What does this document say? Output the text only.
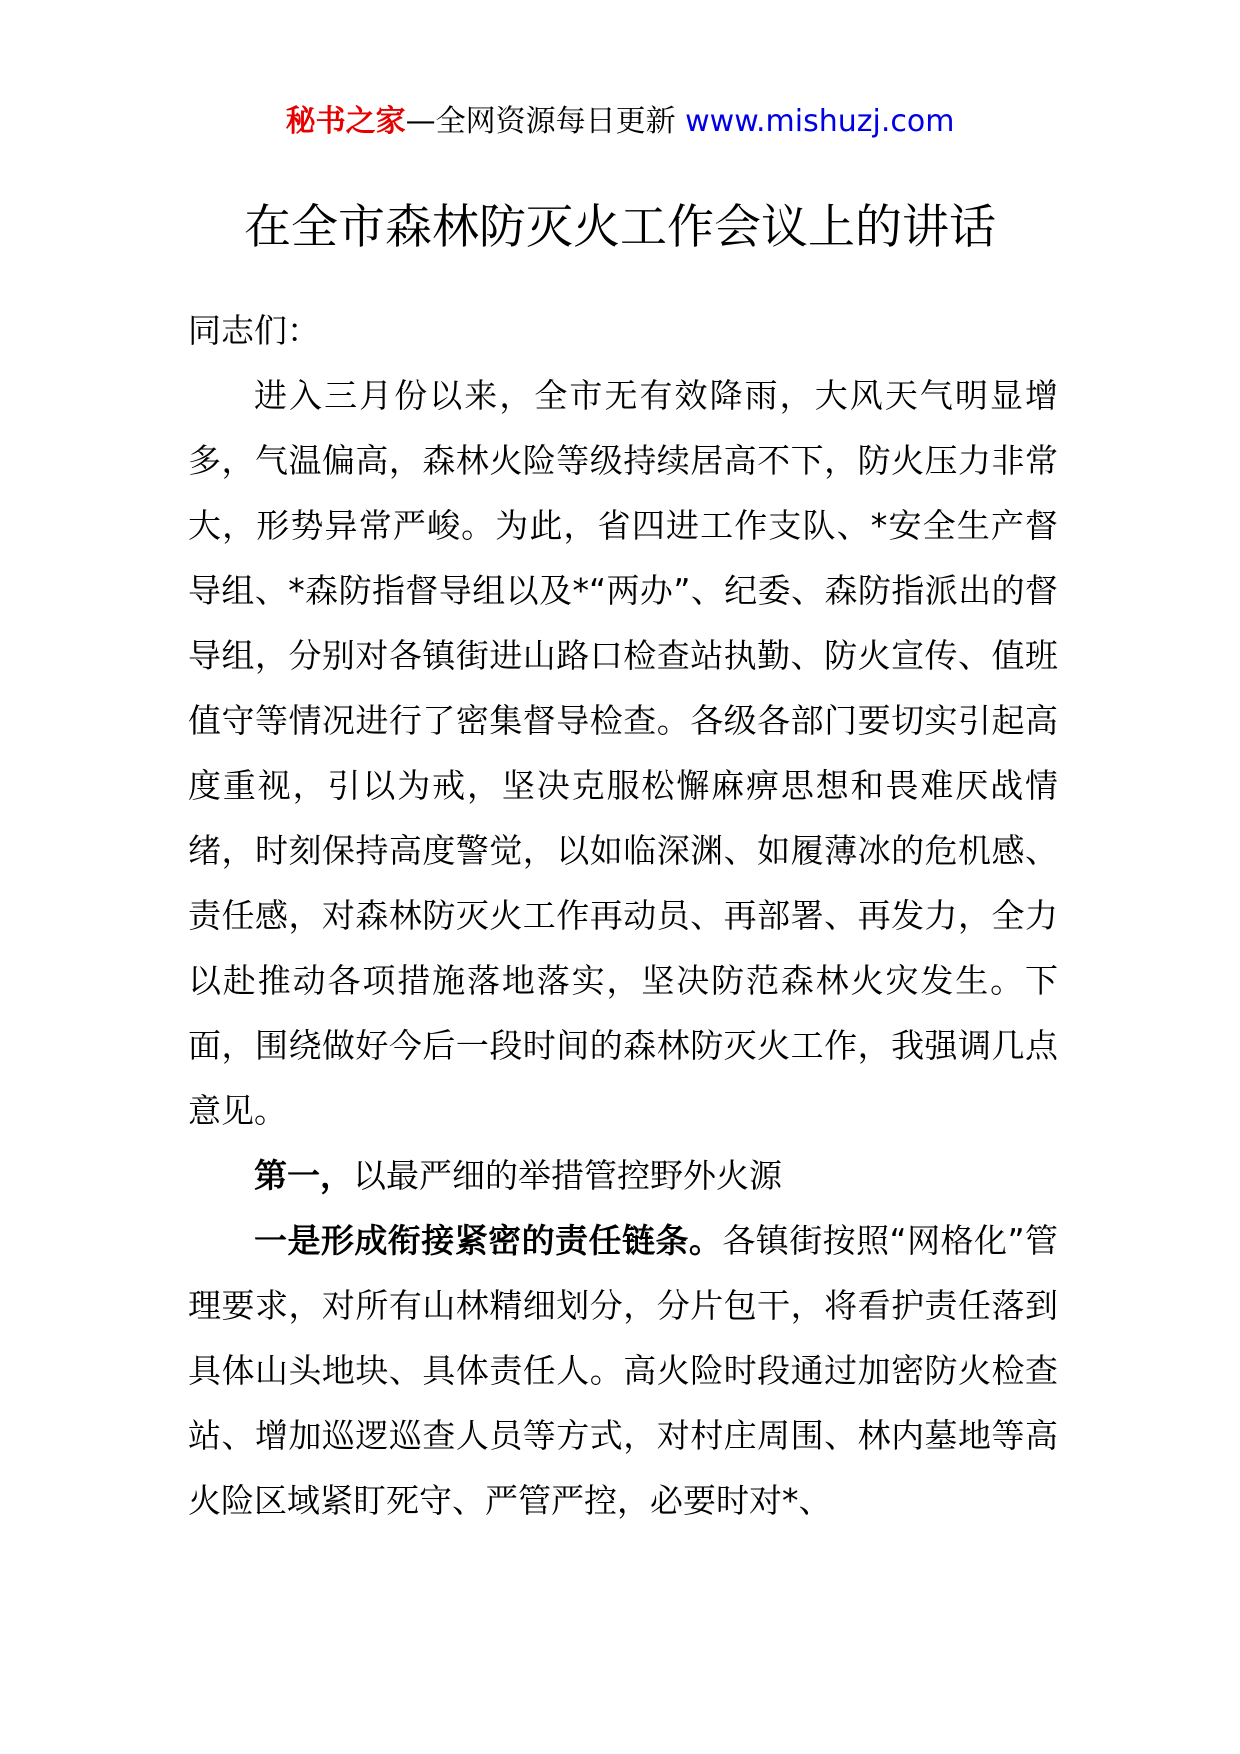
秘书之家—全网资源每日更新 www.mishuzj.com
在全市森林防灭火工作会议上的讲话

同志们：

进入三月份以来，全市无有效降雨，大风天气明显增多，气温偏高，森林火险等级持续居高不下，防火压力非常大，形势异常严峻。为此，省四进工作支队、*安全生产督导组、*森防指督导组以及*“两办”、纪委、森防指派出的督导组，分别对各镇街进山路口检查站执勤、防火宣传、值班值守等情况进行了密集督导检查。各级各部门要切实引起高度重视，引以为戒，坚决克服松懈麻痹思想和畏难厌战情绪，时刻保持高度警觉，以如临深渊、如履薄冰的危机感、责任感，对森林防灭火工作再动员、再部署、再发力，全力以赴推动各项措施落地落实，坚决防范森林火灾发生。下面，围绕做好今后一段时间的森林防灭火工作，我强调几点意见。

第一，以最严细的举措管控野外火源

一是形成衔接紧密的责任链条。各镇街按照“网格化”管理要求，对所有山林精细划分，分片包干，将看护责任落到具体山头地块、具体责任人。高火险时段通过加密防火检查站、增加巡逻巡查人员等方式，对村庄周围、林内墓地等高火险区域紧盯死守、严管严控，必要时对*、
